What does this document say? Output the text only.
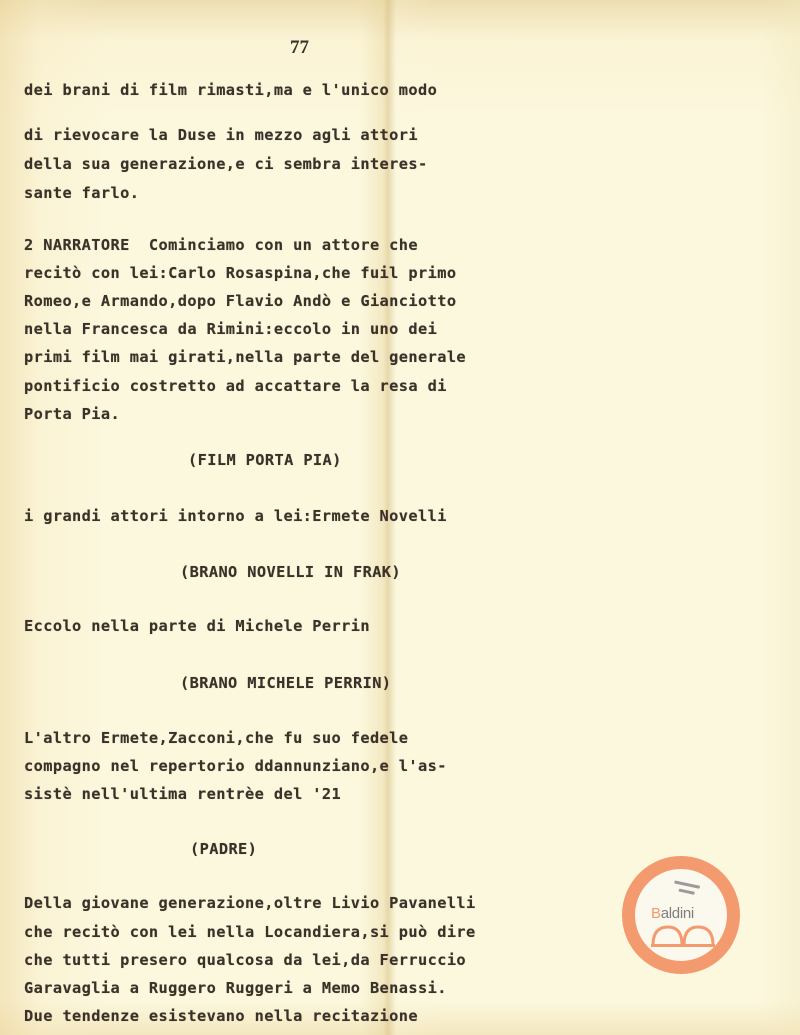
77
dei brani di film rimasti,ma e l'unico modo
di rievocare la Duse in mezzo agli attori
della sua generazione,e ci sembra interes-
sante farlo.
2 NARRATORE  Cominciamo con un attore che
recitò con lei:Carlo Rosaspina,che fuil primo
Romeo,e Armando,dopo Flavio Andò e Gianciotto
nella Francesca da Rimini:eccolo in uno dei
primi film mai girati,nella parte del generale
pontificio costretto ad accattare la resa di
Porta Pia.
(FILM PORTA PIA)
i grandi attori intorno a lei:Ermete Novelli
(BRANO NOVELLI IN FRAK)
Eccolo nella parte di Michele Perrin
(BRANO MICHELE PERRIN)
L'altro Ermete,Zacconi,che fu suo fedele
compagno nel repertorio ddannunziano,e l'as-
sistè nell'ultima rentrèe del '21
(PADRE)
Della giovane generazione,oltre Livio Pavanelli
che recitò con lei nella Locandiera,si può dire
che tutti presero qualcosa da lei,da Ferruccio
Garavaglia a Ruggero Ruggeri a Memo Benassi.
Due tendenze esistevano nella recitazione
Baldini
